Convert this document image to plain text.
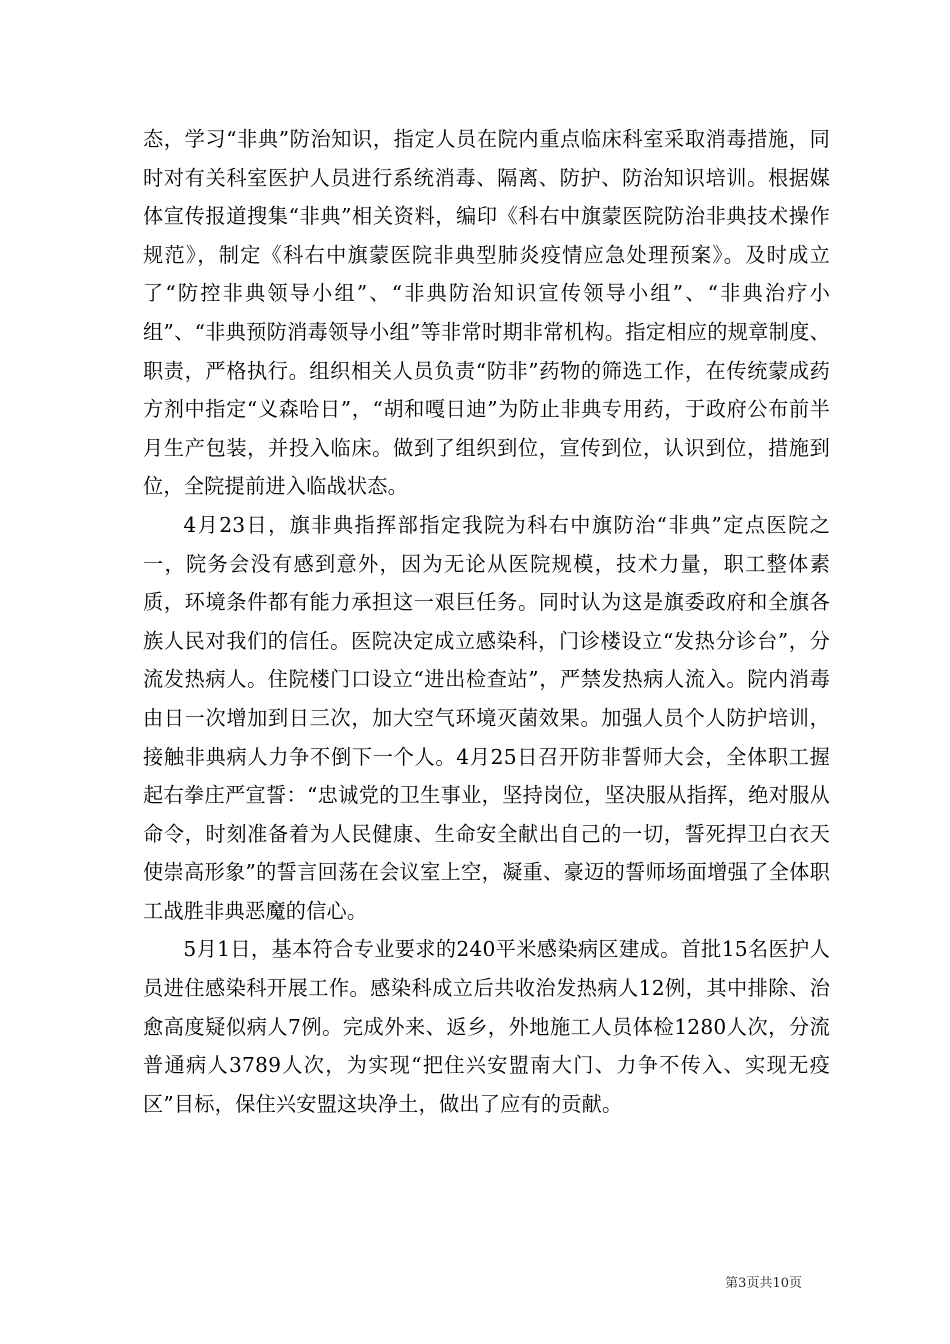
态，学习“非典”防治知识，指定人员在院内重点临床科室采取消毒措施，同时对有关科室医护人员进行系统消毒、隔离、防护、防治知识培训。根据媒体宣传报道搜集“非典”相关资料，编印《科右中旗蒙医院防治非典技术操作规范》，制定《科右中旗蒙医院非典型肺炎疫情应急处理预案》。及时成立了“防控非典领导小组”、“非典防治知识宣传领导小组”、“非典治疗小组”、“非典预防消毒领导小组”等非常时期非常机构。指定相应的规章制度、职责，严格执行。组织相关人员负责“防非”药物的筛选工作，在传统蒙成药方剂中指定“义森哈日”，“胡和嘎日迪”为防止非典专用药，于政府公布前半月生产包装，并投入临床。做到了组织到位，宣传到位，认识到位，措施到位，全院提前进入临战状态。

4月23日，旗非典指挥部指定我院为科右中旗防治“非典”定点医院之一，院务会没有感到意外，因为无论从医院规模，技术力量，职工整体素质，环境条件都有能力承担这一艰巨任务。同时认为这是旗委政府和全旗各族人民对我们的信任。医院决定成立感染科，门诊楼设立“发热分诊台”，分流发热病人。住院楼门口设立“进出检查站”，严禁发热病人流入。院内消毒由日一次增加到日三次，加大空气环境灭菌效果。加强人员个人防护培训，接触非典病人力争不倒下一个人。4月25日召开防非誓师大会，全体职工握起右拳庄严宣誓：“忠诚党的卫生事业，坚持岗位，坚决服从指挥，绝对服从命令，时刻准备着为人民健康、生命安全献出自己的一切，誓死捍卫白衣天使崇高形象”的誓言回荡在会议室上空，凝重、豪迈的誓师场面增强了全体职工战胜非典恶魔的信心。

5月1日，基本符合专业要求的240平米感染病区建成。首批15名医护人员进住感染科开展工作。感染科成立后共收治发热病人12例，其中排除、治愈高度疑似病人7例。完成外来、返乡，外地施工人员体检1280人次，分流普通病人3789人次，为实现“把住兴安盟南大门、力争不传入、实现无疫区”目标，保住兴安盟这块净土，做出了应有的贡献。

第3页共10页
